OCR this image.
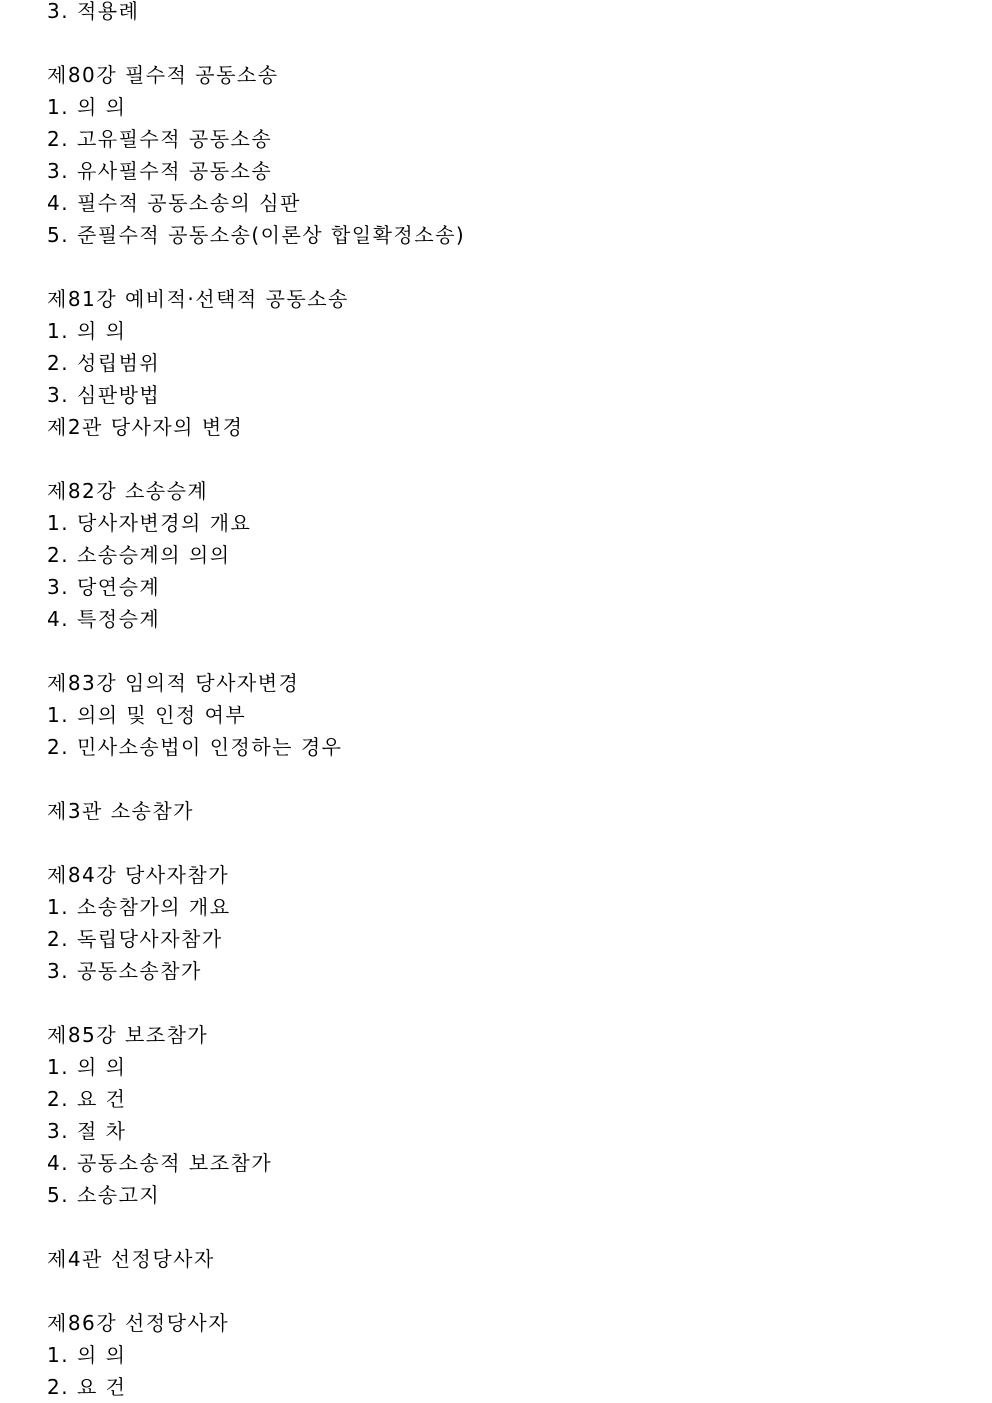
3. 적용례
제80강 필수적 공동소송
1. 의 의
2. 고유필수적 공동소송
3. 유사필수적 공동소송
4. 필수적 공동소송의 심판
5. 준필수적 공동소송(이론상 합일확정소송)
제81강 예비적·선택적 공동소송
1. 의 의
2. 성립범위
3. 심판방법
제2관 당사자의 변경
제82강 소송승계
1. 당사자변경의 개요
2. 소송승계의 의의
3. 당연승계
4. 특정승계
제83강 임의적 당사자변경
1. 의의 및 인정 여부
2. 민사소송법이 인정하는 경우
제3관 소송참가
제84강 당사자참가
1. 소송참가의 개요
2. 독립당사자참가
3. 공동소송참가
제85강 보조참가
1. 의 의
2. 요 건
3. 절 차
4. 공동소송적 보조참가
5. 소송고지
제4관 선정당사자
제86강 선정당사자
1. 의 의
2. 요 건
